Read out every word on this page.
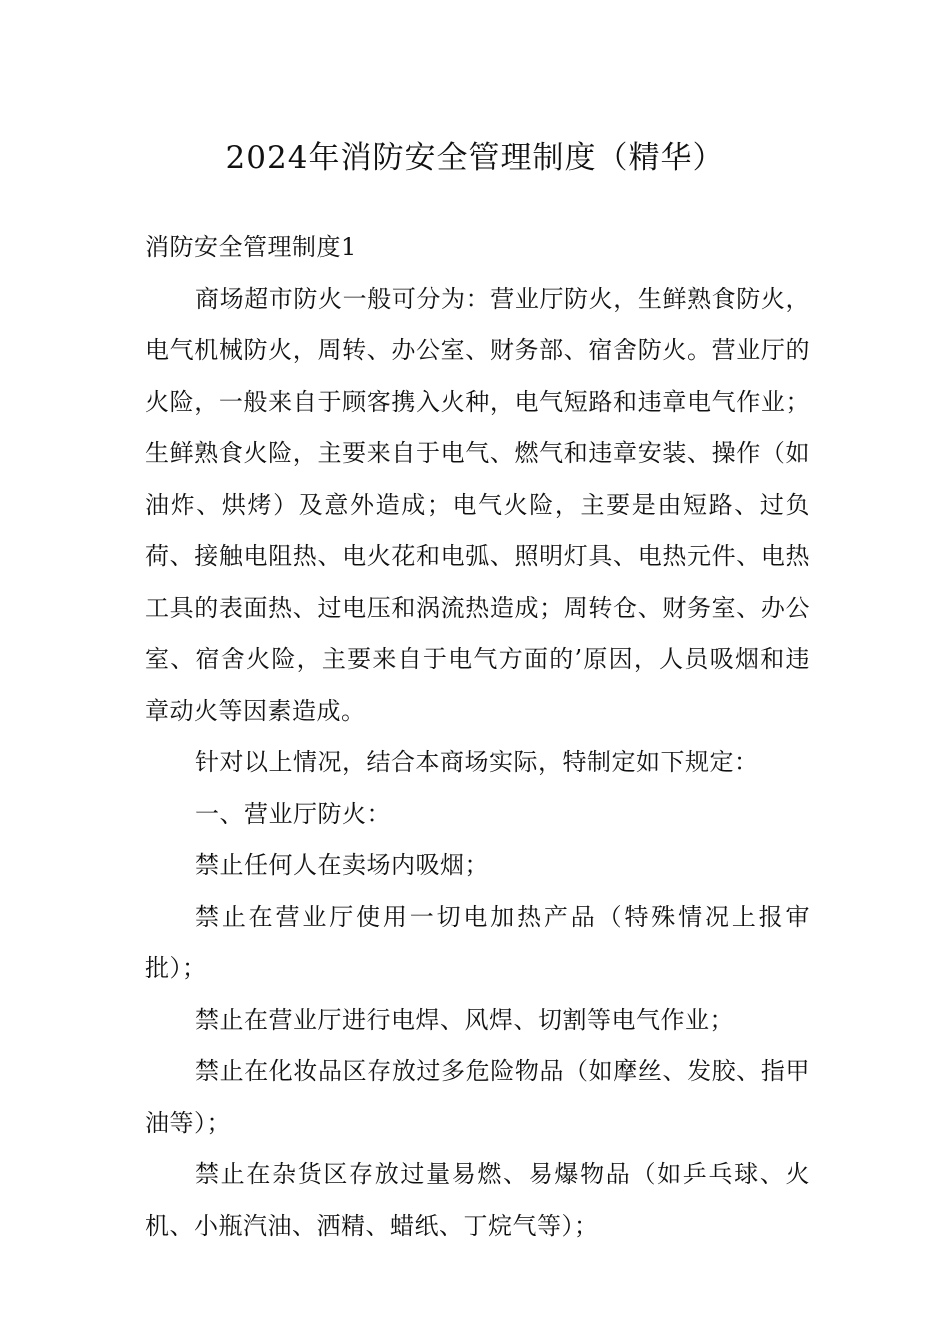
2024年消防安全管理制度（精华）

消防安全管理制度1

商场超市防火一般可分为：营业厅防火，生鲜熟食防火，电气机械防火，周转、办公室、财务部、宿舍防火。营业厅的火险，一般来自于顾客携入火种，电气短路和违章电气作业；生鲜熟食火险，主要来自于电气、燃气和违章安装、操作（如油炸、烘烤）及意外造成；电气火险，主要是由短路、过负荷、接触电阻热、电火花和电弧、照明灯具、电热元件、电热工具的表面热、过电压和涡流热造成；周转仓、财务室、办公室、宿舍火险，主要来自于电气方面的’原因，人员吸烟和违章动火等因素造成。

针对以上情况，结合本商场实际，特制定如下规定：

一、营业厅防火：

禁止任何人在卖场内吸烟；

禁止在营业厅使用一切电加热产品（特殊情况上报审批）；

禁止在营业厅进行电焊、风焊、切割等电气作业；

禁止在化妆品区存放过多危险物品（如摩丝、发胶、指甲油等）；

禁止在杂货区存放过量易燃、易爆物品（如乒乓球、火机、小瓶汽油、洒精、蜡纸、丁烷气等）；
